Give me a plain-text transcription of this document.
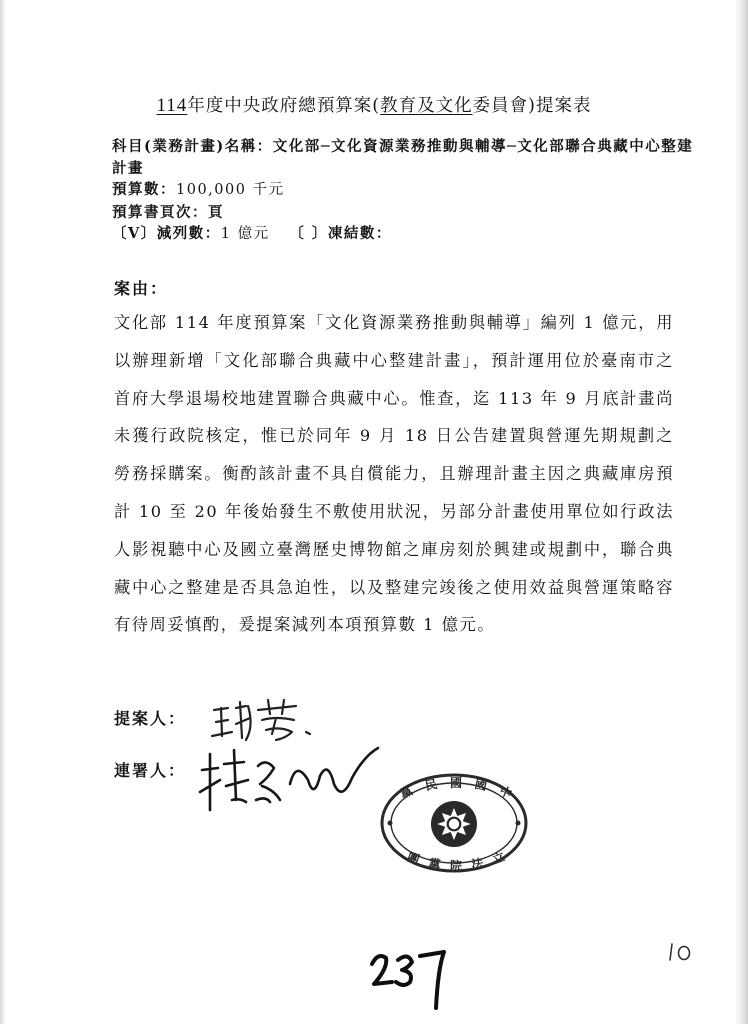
114年度中央政府總預算案(教育及文化委員會)提案表
科目(業務計畫)名稱：文化部─文化資源業務推動與輔導─文化部聯合典藏中心整建計畫
預算數：100,000 千元
預算書頁次：頁
〔V〕減列數：1 億元 〔 〕凍結數：
案由：
文化部 114 年度預算案「文化資源業務推動與輔導」編列 1 億元，用以辦理新增「文化部聯合典藏中心整建計畫」，預計運用位於臺南市之首府大學退場校地建置聯合典藏中心。惟查，迄 113 年 9 月底計畫尚未獲行政院核定，惟已於同年 9 月 18 日公告建置與營運先期規劃之勞務採購案。衡酌該計畫不具自償能力，且辦理計畫主因之典藏庫房預計 10 至 20 年後始發生不敷使用狀況，另部分計畫使用單位如行政法人影視聽中心及國立臺灣歷史博物館之庫房刻於興建或規劃中，聯合典藏中心之整建是否具急迫性，以及整建完竣後之使用效益與營運策略容有待周妥慎酌，爰提案減列本項預算數 1 億元。
提案人：
連署人：
黨 民 國 國 中
團 黨 院 法 立
